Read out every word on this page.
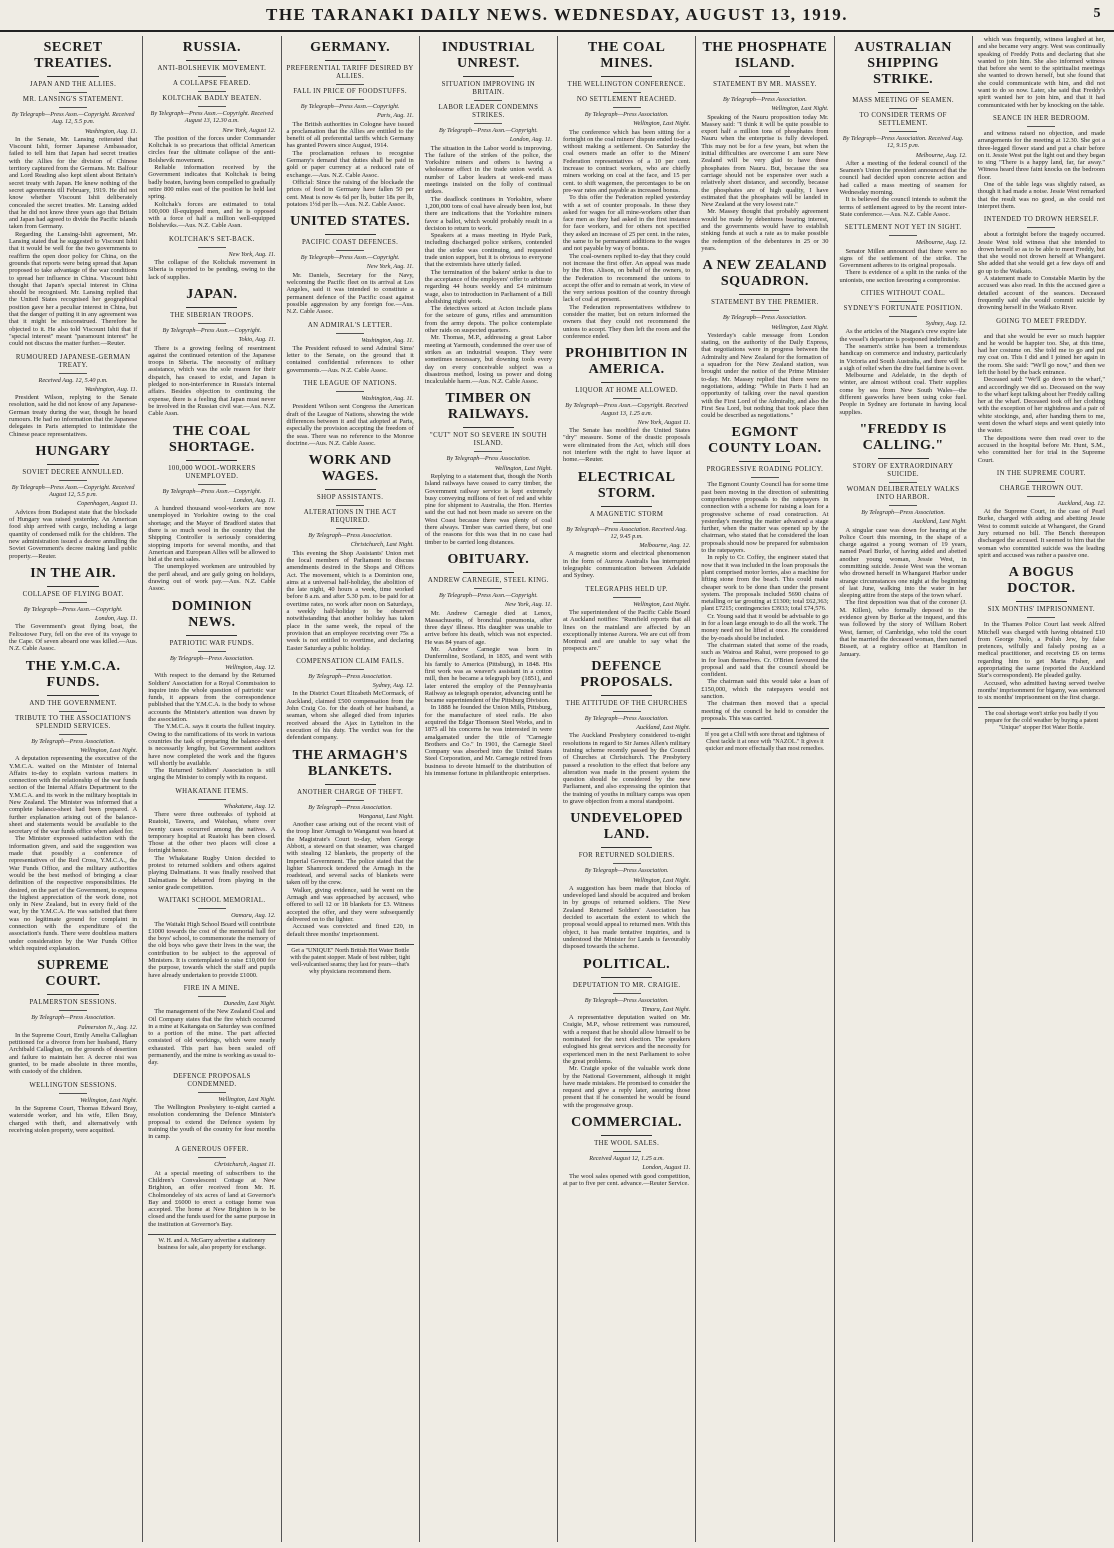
THE TARANAKI DAILY NEWS. WEDNESDAY, AUGUST 13, 1919.	5
SECRET TREATIES.
JAPAN AND THE ALLIES.
MR. LANSING'S STATEMENT.
By Telegraph—Press Assn.—Copyright. Received Aug. 12, 5.5 p.m.
Washington, Aug. 11.

In the Senate, Mr. Lansing reiterated that Viscount Ishii, former Japanese Ambassador, failed to tell him that Japan had secret treaties with the Allies for the division of Chinese territory captured from the Germans. Mr. Balfour and Lord Reading also kept silent about Britain's secret treaty with Japan. He knew nothing of the secret agreements till February, 1919. He did not know whether Viscount Ishii deliberately concealed the secret treaties. Mr. Lansing added that he did not know three years ago that Britain and Japan had agreed to divide the Pacific islands taken from Germany.

Regarding the Lansing-Ishii agreement, Mr. Lansing stated that he suggested to Viscount Ishii that it would be well for the two governments to reaffirm the open door policy for China, on the grounds that reports were being spread that Japan proposed to take advantage of the war conditions to spread her influence in China. Viscount Ishii thought that Japan's special interest in China should be recognised. Mr. Lansing replied that the United States recognised her geographical position gave her a peculiar interest in China, but that the danger of putting it in any agreement was that it might be misconstrued. Therefore he objected to it. He also told Viscount Ishii that if "special interest" meant "paramount interest" he could not discuss the matter further.—Reuter.

RUMOURED JAPANESE-GERMAN TREATY.
Received Aug. 12, 5.40 p.m.
Washington, Aug. 11.

President Wilson, replying to the Senate resolution, said he did not know of any Japanese-German treaty during the war, though he heard rumours. He had no information that the Japanese delegates in Paris attempted to intimidate the Chinese peace representatives.

HUNGARY
SOVIET DECREE ANNULLED.
By Telegraph—Press Assn.—Copyright. Received August 12, 5.5 p.m.
Copenhagen, August 11.

Advices from Budapest state that the blockade of Hungary was raised yesterday. An American food ship arrived with cargo, including a large quantity of condensed milk for the children. The new administration issued a decree annulling the Soviet Government's decree making land public property.—Reuter.

IN THE AIR.
COLLAPSE OF FLYING BOAT.
By Telegraph—Press Assn.—Copyright.
London, Aug. 11.

The Government's great flying boat, the Felixstowe Fury, fell on the eve of its voyage to the Cape. Of seven aboard one was killed.—Aus. N.Z. Cable Assoc.

THE Y.M.C.A. FUNDS.
AND THE GOVERNMENT.
TRIBUTE TO THE ASSOCIATION'S SPLENDID SERVICES.
By Telegraph—Press Association.
Wellington, Last Night.

A deputation representing the executive of the Y.M.C.A. waited on the Minister of Internal Affairs to-day to explain various matters in connection with the relationship of the war funds section of the Internal Affairs Department to the Y.M.C.A. and its work in the military hospitals in New Zealand. The Minister was informed that a complete balance-sheet had been prepared. A further explanation arising out of the balance-sheet and statements would be available to the secretary of the war funds office when asked for.

The Minister expressed satisfaction with the information given, and said the suggestion was made that possibly a conference of representatives of the Red Cross, Y.M.C.A., the War Funds Office, and the military authorities would be the best method of bringing a clear definition of the respective responsibilities. He desired, on the part of the Government, to express the highest appreciation of the work done, not only in New Zealand, but in every field of the war, by the Y.M.C.A. He was satisfied that there was no legitimate ground for complaint in connection with the expenditure of the association's funds. There were doubtless matters under consideration by the War Funds Office which required explanation.

SUPREME COURT.
PALMERSTON SESSIONS.
By Telegraph—Press Association.
Palmerston N., Aug. 12.

In the Supreme Court, Emily Amelia Callaghan petitioned for a divorce from her husband, Harry Archibald Callaghan, on the grounds of desertion and failure to maintain her. A decree nisi was granted, to be made absolute in three months, with custody of the children.

WELLINGTON SESSIONS.
Wellington, Last Night.

In the Supreme Court, Thomas Edward Bray, waterside worker, and his wife, Ellen Bray, charged with theft, and alternatively with receiving stolen property, were acquitted.

RUSSIA.
ANTI-BOLSHEVIK MOVEMENT.
A COLLAPSE FEARED.
KOLTCHAK BADLY BEATEN.
By Telegraph—Press Assn.—Copyright. Received August 13, 12.30 a.m.
New York, August 12.

The position of the forces under Commander Koltchak is so precarious that official American circles fear the ultimate collapse of the anti-Bolshevik movement.

Reliable information received by the Government indicates that Koltchak is being badly beaten, having been compelled to gradually retire 800 miles east of the position he held last spring.

Koltchak's forces are estimated to total 100,000 ill-equipped men, and he is opposed with a force of half a million well-equipped Bolsheviks.—Aus. N.Z. Cable Assn.

KOLTCHAK'S SET-BACK.
New York, Aug. 11.

The collapse of the Koltchak movement in Siberia is reported to be pending, owing to the lack of supplies.

JAPAN.
THE SIBERIAN TROOPS.
By Telegraph—Press Assn.—Copyright.
Tokio, Aug. 11.

There is a growing feeling of resentment against the continued retention of the Japanese troops in Siberia. The necessity of military assistance, which was the sole reason for their dispatch, has ceased to exist, and Japan is pledged to non-interference in Russia's internal affairs. Besides objection to continuing the expense, there is a feeling that Japan must never be involved in the Russian civil war.—Aus. N.Z. Cable Assn.

THE COAL SHORTAGE.
100,000 WOOL-WORKERS UNEMPLOYED.
By Telegraph—Press Assn.—Copyright.
London, Aug. 11.

A hundred thousand wool-workers are now unemployed in Yorkshire owing to the coal shortage; and the Mayor of Bradford states that there is so much wool in the country that the Shipping Controller is seriously considering stopping imports for several months, and that American and European Allies will be allowed to bid at the next sales.

The unemployed workmen are untroubled by the peril ahead, and are gaily going on holidays, drawing out of work pay.—Aus. N.Z. Cable Assoc.

DOMINION NEWS.
PATRIOTIC WAR FUNDS.
By Telegraph—Press Association.
Wellington, Aug. 12.

With respect to the demand by the Returned Soldiers' Association for a Royal Commission to inquire into the whole question of patriotic war funds, it appears from the correspondence published that the Y.M.C.A. is the body to whose accounts the Minister's attention was drawn by the association.

The Y.M.C.A. says it courts the fullest inquiry. Owing to the ramifications of its work in various countries the task of preparing the balance-sheet is necessarily lengthy, but Government auditors have now completed the work and the figures will shortly be available.

The Returned Soldiers' Association is still urging the Minister to comply with its request.

WHAKATANE ITEMS.
Whakatane, Aug. 12.

There were three outbreaks of typhoid at Ruatoki, Tawera, and Waiohau, where over twenty cases occurred among the natives. A temporary hospital at Ruatoki has been closed. Those at the other two places will close a fortnight hence.

The Whakatane Rugby Union decided to protest to returned soldiers and others against playing Dalmatians. It was finally resolved that Dalmatians be debarred from playing in the senior grade competition.

WAITAKI SCHOOL MEMORIAL.
Oamaru, Aug. 12.

The Waitaki High School Board will contribute £1000 towards the cost of the memorial hall for the boys' school, to commemorate the memory of the old boys who gave their lives in the war, the contribution to be subject to the approval of Ministers. It is contemplated to raise £10,000 for the purpose, towards which the staff and pupils have already undertaken to provide £1000.

FIRE IN A MINE.
Dunedin, Last Night.

The management of the New Zealand Coal and Oil Company states that the fire which occurred in a mine at Kaitangata on Saturday was confined to a portion of the mine. The part affected consisted of old workings, which were nearly exhausted. This part has been sealed off permanently, and the mine is working as usual to-day.

DEFENCE PROPOSALS CONDEMNED.
Wellington, Last Night.

The Wellington Presbytery to-night carried a resolution condemning the Defence Minister's proposal to extend the Defence system by training the youth of the country for four months in camp.

A GENEROUS OFFER.
Christchurch, August 11.

At a special meeting of subscribers to the Children's Convalescent Cottage at New Brighton, an offer received from Mr. H. Cholmondeley of six acres of land at Governor's Bay and £6000 to erect a cottage home was accepted. The home at New Brighton is to be closed and the funds used for the same purpose in the institution at Governor's Bay.

W. H. and A. McGarry advertise a stationery business for sale, also property for exchange.
GERMANY.
PREFERENTIAL TARIFF DESIRED BY ALLIES.
FALL IN PRICE OF FOODSTUFFS.
By Telegraph—Press Assn.—Copyright.
Paris, Aug. 11.

The British authorities in Cologne have issued a proclamation that the Allies are entitled to the benefit of all preferential tariffs which Germany has granted Powers since August, 1914.

The proclamation refuses to recognise Germany's demand that duties shall be paid in gold or paper currency at a reduced rate of exchange.—Aus. N.Z. Cable Assoc.

Official: Since the raising of the blockade the prices of food in Germany have fallen 50 per cent. Meat is now 4s 6d per lb, butter 18s per lb, potatoes 1½d per lb.—Aus. N.Z. Cable Assoc.

UNITED STATES.
PACIFIC COAST DEFENCES.
By Telegraph—Press Assn.—Copyright.
New York, Aug. 11.

Mr. Daniels, Secretary for the Navy, welcoming the Pacific fleet on its arrival at Los Angeles, said it was intended to constitute a permanent defence of the Pacific coast against possible aggression by any foreign foe.—Aus. N.Z. Cable Assoc.

AN ADMIRAL'S LETTER.
Washington, Aug. 11.

The President refused to send Admiral Sims' letter to the Senate, on the ground that it contained confidential references to other governments.—Aus. N.Z. Cable Assoc.

THE LEAGUE OF NATIONS.
Washington, Aug. 11.

President Wilson sent Congress the American draft of the League of Nations, showing the wide differences between it and that adopted at Paris, especially the provision accepting the freedom of the seas. There was no reference to the Monroe doctrine.—Aus. N.Z. Cable Assoc.

WORK AND WAGES.
SHOP ASSISTANTS.
ALTERATIONS IN THE ACT REQUIRED.
By Telegraph—Press Association.
Christchurch, Last Night.

This evening the Shop Assistants' Union met the local members of Parliament to discuss amendments desired in the Shops and Offices Act. The movement, which is a Dominion one, aims at a universal half-holiday, the abolition of the late night, 40 hours a week, time worked before 8 a.m. and after 5.30 p.m. to be paid for at overtime rates, no work after noon on Saturdays, a weekly half-holiday to be observed notwithstanding that another holiday has taken place in the same week, the repeal of the provision that an employee receiving over 75s a week is not entitled to overtime, and declaring Easter Saturday a public holiday.

COMPENSATION CLAIM FAILS.
By Telegraph—Press Association.
Sydney, Aug. 12.

In the District Court Elizabeth McCormack, of Auckland, claimed £500 compensation from the John Craig Co. for the death of her husband, a seaman, whom she alleged died from injuries received aboard the Ajax in Lyttelton in the execution of his duty. The verdict was for the defendant company.

THE ARMAGH'S BLANKETS.
ANOTHER CHARGE OF THEFT.
By Telegraph—Press Association.
Wanganui, Last Night.

Another case arising out of the recent visit of the troop liner Armagh to Wanganui was heard at the Magistrate's Court to-day, when George Abbott, a steward on that steamer, was charged with stealing 12 blankets, the property of the Imperial Government. The police stated that the lighter Shamrock tendered the Armagh in the roadstead, and several sacks of blankets were taken off by the crew.

Walker, giving evidence, said he went on the Armagh and was approached by accused, who offered to sell 12 or 18 blankets for £3. Witness accepted the offer, and they were subsequently delivered on to the lighter.

Accused was convicted and fined £20, in default three months' imprisonment.

Get a "UNIQUE" North British Hot Water Bottle with the patent stopper. Made of best rubber, tight well-vulcanised seams; they last for years—that's why physicians recommend them.
INDUSTRIAL UNREST.
SITUATION IMPROVING IN BRITAIN.
LABOR LEADER CONDEMNS STRIKES.
By Telegraph—Press Assn.—Copyright.
London, Aug. 11.

The situation in the Labor world is improving. The failure of the strikes of the police, the Yorkshire miners and others is having a wholesome effect in the trade union world. A number of Labor leaders at week-end mass meetings insisted on the folly of continual strikes.

The deadlock continues in Yorkshire, where 1,200,000 tons of coal have already been lost, but there are indications that the Yorkshire miners favor a ballot, which would probably result in a decision to return to work.

Speakers at a mass meeting in Hyde Park, including discharged police strikers, contended that the strike was continuing, and requested trade union support, but it is obvious to everyone that the extremists have utterly failed.

The termination of the bakers' strike is due to the acceptance of the employers' offer to arbitrate regarding 44 hours weekly and £4 minimum wage, also to introduction in Parliament of a Bill abolishing night work.

The detectives seized at Acton include plans for the seizure of guns, rifles and ammunition from the army depots. The police contemplate other raids on suspected quarters.

Mr. Thomas, M.P., addressing a great Labor meeting at Yarmouth, condemned the over use of strikes as an industrial weapon. They were sometimes necessary, but downing tools every day on every conceivable subject was a disastrous method, losing us power and doing incalculable harm.—Aus. N.Z. Cable Assoc.

TIMBER ON RAILWAYS.
"CUT" NOT SO SEVERE IN SOUTH ISLAND.
By Telegraph—Press Association.
Wellington, Last Night.

Replying to a statement that, though the North Island railways have ceased to carry timber, the Government railway service is kept extremely busy conveying millions of feet of red and white pine for shipment to Australia, the Hon. Herries said the cut had not been made so severe on the West Coast because there was plenty of coal there always. Timber was carried there, but one of the reasons for this was that in no case had timber to be carried long distances.

OBITUARY.
ANDREW CARNEGIE, STEEL KING.
By Telegraph—Press Assn.—Copyright.
New York, Aug. 11.

Mr. Andrew Carnegie died at Lenox, Massachusetts, of bronchial pneumonia, after three days' illness. His daughter was unable to arrive before his death, which was not expected. He was 84 years of age.

Mr. Andrew Carnegie was born in Dunfermline, Scotland, in 1835, and went with his family to America (Pittsburg), in 1848. His first work was as weaver's assistant in a cotton mill, then he became a telegraph boy (1851), and later entered the employ of the Pennsylvania Railway as telegraph operator, advancing until he became superintendent of the Pittsburg Division.

In 1888 he founded the Union Mills, Pittsburg, for the manufacture of steel rails. He also acquired the Edgar Thomson Steel Works, and in 1875 all his concerns he was interested in were amalgamated under the title of "Carnegie Brothers and Co." In 1901, the Carnegie Steel Company was absorbed into the United States Steel Corporation, and Mr. Carnegie retired from business to devote himself to the distribution of his immense fortune in philanthropic enterprises.

THE COAL MINES.
THE WELLINGTON CONFERENCE.
NO SETTLEMENT REACHED.
By Telegraph—Press Association.
Wellington, Last Night.

The conference which has been sitting for a fortnight on the coal miners' dispute ended to-day without making a settlement. On Saturday the coal owners made an offer to the Miners' Federation representatives of a 10 per cent. increase to contract workers, who are chiefly miners working on coal at the face, and 15 per cent. to shift wagemen, the percentages to be on pre-war rates and payable as increased bonus.

To this offer the Federation replied yesterday with a set of counter proposals. In these they asked for wages for all mine-workers other than face men as they had asked in the first instance for face workers, and for others not specified they asked an increase of 25 per cent. in the rates, the same to be permanent additions to the wages and not payable by way of bonus.

The coal-owners replied to-day that they could not increase the first offer. An appeal was made by the Hon. Alison, on behalf of the owners, to the Federation to recommend the unions to accept the offer and to remain at work, in view of the very serious position of the country through lack of coal at present.

The Federation representatives withdrew to consider the matter, but on return informed the owners that they could not recommend the unions to accept. They then left the room and the conference ended.

PROHIBITION IN AMERICA.
LIQUOR AT HOME ALLOWED.
By Telegraph—Press Assn.—Copyright. Received August 13, 1.25 a.m.
New York, August 11.

The Senate has modified the United States "dry" measure. Some of the drastic proposals were eliminated from the Act, which still does not interfere with the right to have liquor at home.—Reuter.

ELECTRICAL STORM.
A MAGNETIC STORM
By Telegraph—Press Association. Received Aug. 12, 9.45 p.m.
Melbourne, Aug. 12.

A magnetic storm and electrical phenomenon in the form of Aurora Australis has interrupted telegraphic communication between Adelaide and Sydney.

TELEGRAPHS HELD UP.
Wellington, Last Night.

The superintendent of the Pacific Cable Board at Auckland notifies: "Rumfield reports that all lines on the mainland are affected by an exceptionally intense Aurora. We are cut off from Montreal and are unable to say what the prospects are."

DEFENCE PROPOSALS.
THE ATTITUDE OF THE CHURCHES
By Telegraph—Press Association.
Auckland, Last Night.

The Auckland Presbytery considered to-night resolutions in regard to Sir James Allen's military training scheme recently passed by the Council of Churches at Christchurch. The Presbytery passed a resolution to the effect that before any alteration was made in the present system the question should be considered by the new Parliament, and also expressing the opinion that the training of youths in military camps was open to grave objection from a moral standpoint.

UNDEVELOPED LAND.
FOR RETURNED SOLDIERS.
By Telegraph—Press Association.
Wellington, Last Night.

A suggestion has been made that blocks of undeveloped land should be acquired and broken in by groups of returned soldiers. The New Zealand Returned Soldiers' Association has decided to ascertain the extent to which the proposal would appeal to returned men. With this object, it has made tentative inquiries, and is understood the Minister for Lands is favourably disposed towards the scheme.

POLITICAL.
DEPUTATION TO MR. CRAIGIE.
By Telegraph—Press Association.
Timaru, Last Night.

A representative deputation waited on Mr. Craigie, M.P., whose retirement was rumoured, with a request that he should allow himself to be nominated for the next election. The speakers eulogised his great services and the necessity for experienced men in the next Parliament to solve the great problems.

Mr. Craigie spoke of the valuable work done by the National Government, although it might have made mistakes. He promised to consider the request and give a reply later, assuring those present that if he consented he would be found with the progressive group.

COMMERCIAL.
THE WOOL SALES.
Received August 12, 1.25 a.m.
London, August 11.

The wool sales opened with good competition, at par to five per cent. advance.—Reuter Service.

THE PHOSPHATE ISLAND.
STATEMENT BY MR. MASSEY.
By Telegraph—Press Association.
Wellington, Last Night.

Speaking of the Nauru proposition today Mr. Massey said: "I think it will be quite possible to export half a million tons of phosphates from Nauru when the enterprise is fully developed. This may not be for a few years, but when the initial difficulties are overcome I am sure New Zealand will be very glad to have these phosphates from Nauru. But, because the sea carriage should not be expensive over such a relatively short distance, and secondly, because the phosphates are of high quality, I have estimated that the phosphates will be landed in New Zealand at the very lowest rate."

Mr. Massey thought that probably agreement would be made by debentures bearing interest, and the governments would have to establish sinking funds at such a rate as to make possible the redemption of the debentures in 25 or 30 years.

A NEW ZEALAND SQUADRON.
STATEMENT BY THE PREMIER.
By Telegraph—Press Association.
Wellington, Last Night.

Yesterday's cable message from London stating, on the authority of the Daily Express, that negotiations were in progress between the Admiralty and New Zealand for the formation of a squadron for the New Zealand station, was brought under the notice of the Prime Minister to-day. Mr. Massey replied that there were no negotiations, adding: "While in Paris I had an opportunity of talking over the naval question with the First Lord of the Admiralty, and also the First Sea Lord, but nothing that took place then could be described as negotiations."

EGMONT COUNTY LOAN.
PROGRESSIVE ROADING POLICY.

The Egmont County Council has for some time past been moving in the direction of submitting comprehensive proposals to the ratepayers in connection with a scheme for raising a loan for a progressive scheme of road construction. At yesterday's meeting the matter advanced a stage further, when the matter was opened up by the chairman, who stated that he considered the loan proposals should now be prepared for submission to the ratepayers.

In reply to Cr. Coffey, the engineer stated that now that it was included in the loan proposals the plant comprised motor lorries, also a machine for lifting stone from the beach. This could make cheaper work to be done than under the present system. The proposals included 5690 chains of metalling or tar grouting at £1300; total £62,363; plant £7215; contingencies £3933; total £74,576.

Cr. Young said that it would be advisable to go in for a loan large enough to do all the work. The money need not be lifted at once. He considered the by-roads should be included.

The chairman stated that some of the roads, such as Wairoa and Rahui, were proposed to go in for loan themselves. Cr. O'Brien favoured the proposal and said that the council should be confident.

The chairman said this would take a loan of £150,000, which the ratepayers would not sanction.

The chairman then moved that a special meeting of the council be held to consider the proposals. This was carried.

If you get a Chill with sore throat and tightness of Chest tackle it at once with "NAZOL." It gives it quicker and more effectually than most remedies.
AUSTRALIAN SHIPPING STRIKE.
MASS MEETING OF SEAMEN.
TO CONSIDER TERMS OF SETTLEMENT.
By Telegraph—Press Association. Received Aug. 12, 9.15 p.m.
Melbourne, Aug. 12.

After a meeting of the federal council of the Seamen's Union the president announced that the council had decided upon concrete action and had called a mass meeting of seamen for Wednesday morning.

It is believed the council intends to submit the terms of settlement agreed to by the recent inter-State conference.—Aus. N.Z. Cable Assoc.

SETTLEMENT NOT YET IN SIGHT.
Melbourne, Aug. 12.

Senator Millen announced that there were no signs of the settlement of the strike. The Government adheres to its original proposals.

There is evidence of a split in the ranks of the unionists, one section favouring a compromise.

CITIES WITHOUT COAL.
SYDNEY'S FORTUNATE POSITION.
Sydney, Aug. 12.

As the articles of the Niagara's crew expire late the vessel's departure is postponed indefinitely.

The seamen's strike has been a tremendous handicap on commerce and industry, particularly in Victoria and South Australia, and there will be a sigh of relief when the dire fuel famine is over.

Melbourne and Adelaide, in the depth of winter, are almost without coal. Their supplies come by sea from New South Wales—the different gasworks have been using coke fuel. People in Sydney are fortunate in having local supplies.

"FREDDY IS CALLING."
STORY OF EXTRAORDINARY SUICIDE.
WOMAN DELIBERATELY WALKS INTO HARBOR.
By Telegraph—Press Association.
Auckland, Last Night.

A singular case was down for hearing at the Police Court this morning, in the shape of a charge against a young woman of 19 years, named Pearl Burke, of having aided and abetted another young woman, Jessie West, in committing suicide. Jessie West was the woman who drowned herself in Whangarei Harbor under strange circumstances one night at the beginning of last June, walking into the water in her sleeping attire from the steps of the town wharf.

The first deposition was that of the coroner (J. M. Killen), who formally deposed to the evidence given by Burke at the inquest, and this was followed by the story of William Robert West, farmer, of Cambridge, who told the court that he married the deceased woman, then named Bissett, at a registry office at Hamilton in January.

which was frequently, witness laughed at her, and she became very angry. West was continually speaking of Freddy Potts and declaring that she wanted to join him. She also informed witness that before she went to the spiritualist meetings she wanted to drown herself, but she found that she could communicate with him, and did not want to do so now. Later, she said that Freddy's spirit wanted her to join him, and that it had communicated with her by knocking on the table.

SEANCE IN HER BEDROOM.

and witness raised no objection, and made arrangements for the meeting at 12.30. She got a three-legged flower stand and put a chair before on it. Jessie West put the light out and they began to sing "There is a happy land, far, far away." Witness heard three faint knocks on the bedroom floor.

One of the table legs was slightly raised, as though it had made a noise. Jessie West remarked that the result was no good, as she could not interpret them.

INTENDED TO DROWN HERSELF.

about a fortnight before the tragedy occurred. Jessie West told witness that she intended to drown herself so as to be able to meet Freddy, but that she would not drown herself at Whangarei. She added that she would get a few days off and go up to the Waikato.

A statement made to Constable Martin by the accused was also read. In this the accused gave a detailed account of the seances. Deceased frequently said she would commit suicide by drowning herself in the Waikato River.

GOING TO MEET FREDDY.

and that she would be ever so much happier and he would be happier too. She, at this time, had her costume on. She told me to go and put my coat on. This I did and I joined her again in the room. She said: "We'll go now," and then we left the hotel by the back entrance.

Deceased said: "We'll go down to the wharf," and accordingly we did so. Deceased on the way to the wharf kept talking about her Freddy calling her at the wharf. Deceased took off her clothing with the exception of her nightdress and a pair of white stockings, and, after handing them to me, went down the wharf steps and went quietly into the water.

The depositions were then read over to the accused in the hospital before Mr. Hunt, S.M., who committed her for trial in the Supreme Court.

IN THE SUPREME COURT.
CHARGE THROWN OUT.
Auckland, Aug. 12.

At the Supreme Court, in the case of Pearl Burke, charged with aiding and abetting Jessie West to commit suicide at Whangarei, the Grand Jury returned no bill. The Bench thereupon discharged the accused. It seemed to him that the woman who committed suicide was the leading spirit and accused was rather a passive one.

A BOGUS DOCTOR.
SIX MONTHS' IMPRISONMENT.

In the Thames Police Court last week Alfred Mitchell was charged with having obtained £10 from George Nolo, a Polish Jew, by false pretences, wilfully and falsely posing as a medical practitioner, and receiving £6 on terms regarding him to get Maria Fisher, and appropriating the same (reported the Auckland Star's correspondent). He pleaded guilty.

Accused, who admitted having served twelve months' imprisonment for bigamy, was sentenced to six months' imprisonment on the first charge.

The coal shortage won't strike you badly if you prepare for the cold weather by buying a patent "Unique" stopper Hot Water Bottle.
